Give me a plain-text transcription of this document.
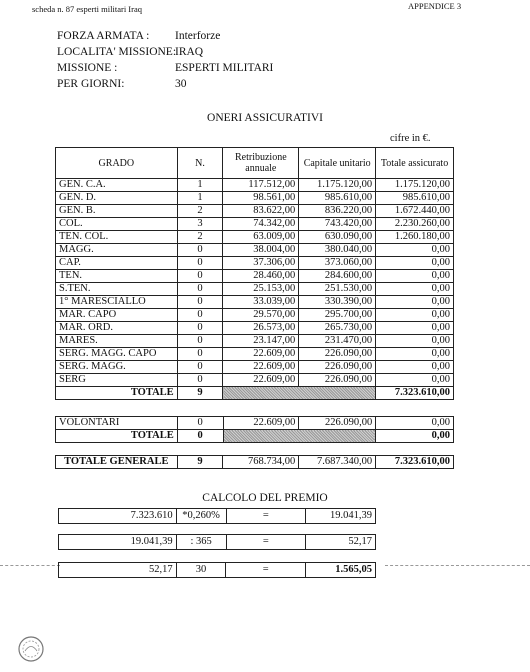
scheda n. 87 esperti militari Iraq	APPENDICE 3
FORZA ARMATA : Interforze
LOCALITA' MISSIONE:
IRAQ
MISSIONE :	ESPERTI MILITARI
PER GIORNI:	30
ONERI ASSICURATIVI
cifre in €.
GRADO	N.	Retribuzione annuale	Capitale unitario	Totale assicurato
GEN. C.A.	1	117.512,00	1.175.120,00	1.175.120,00
GEN. D.	1	98.561,00	985.610,00	985.610,00
GEN. B.	2	83.622,00	836.220,00	1.672.440,00
COL.	3	74.342,00	743.420,00	2.230.260,00
TEN. COL.	2	63.009,00	630.090,00	1.260.180,00
MAGG.	0	38.004,00	380.040,00	0,00
CAP.	0	37.306,00	373.060,00	0,00
TEN.	0	28.460,00	284.600,00	0,00
S.TEN.	0	25.153,00	251.530,00	0,00
1° MARESCIALLO	0	33.039,00	330.390,00	0,00
MAR. CAPO	0	29.570,00	295.700,00	0,00
MAR. ORD.	0	26.573,00	265.730,00	0,00
MARES.	0	23.147,00	231.470,00	0,00
SERG. MAGG. CAPO	0	22.609,00	226.090,00	0,00
SERG. MAGG.	0	22.609,00	226.090,00	0,00
SERG	0	22.609,00	226.090,00	0,00
TOTALE	9			7.323.610,00
VOLONTARI	0	22.609,00	226.090,00	0,00
TOTALE	0			0,00
TOTALE GENERALE	9	768.734,00	7.687.340,00	7.323.610,00
CALCOLO DEL PREMIO
7.323.610	*0,260%	=	19.041,39
19.041,39	: 365	=	52,17
52,17	30	=	1.565,05
